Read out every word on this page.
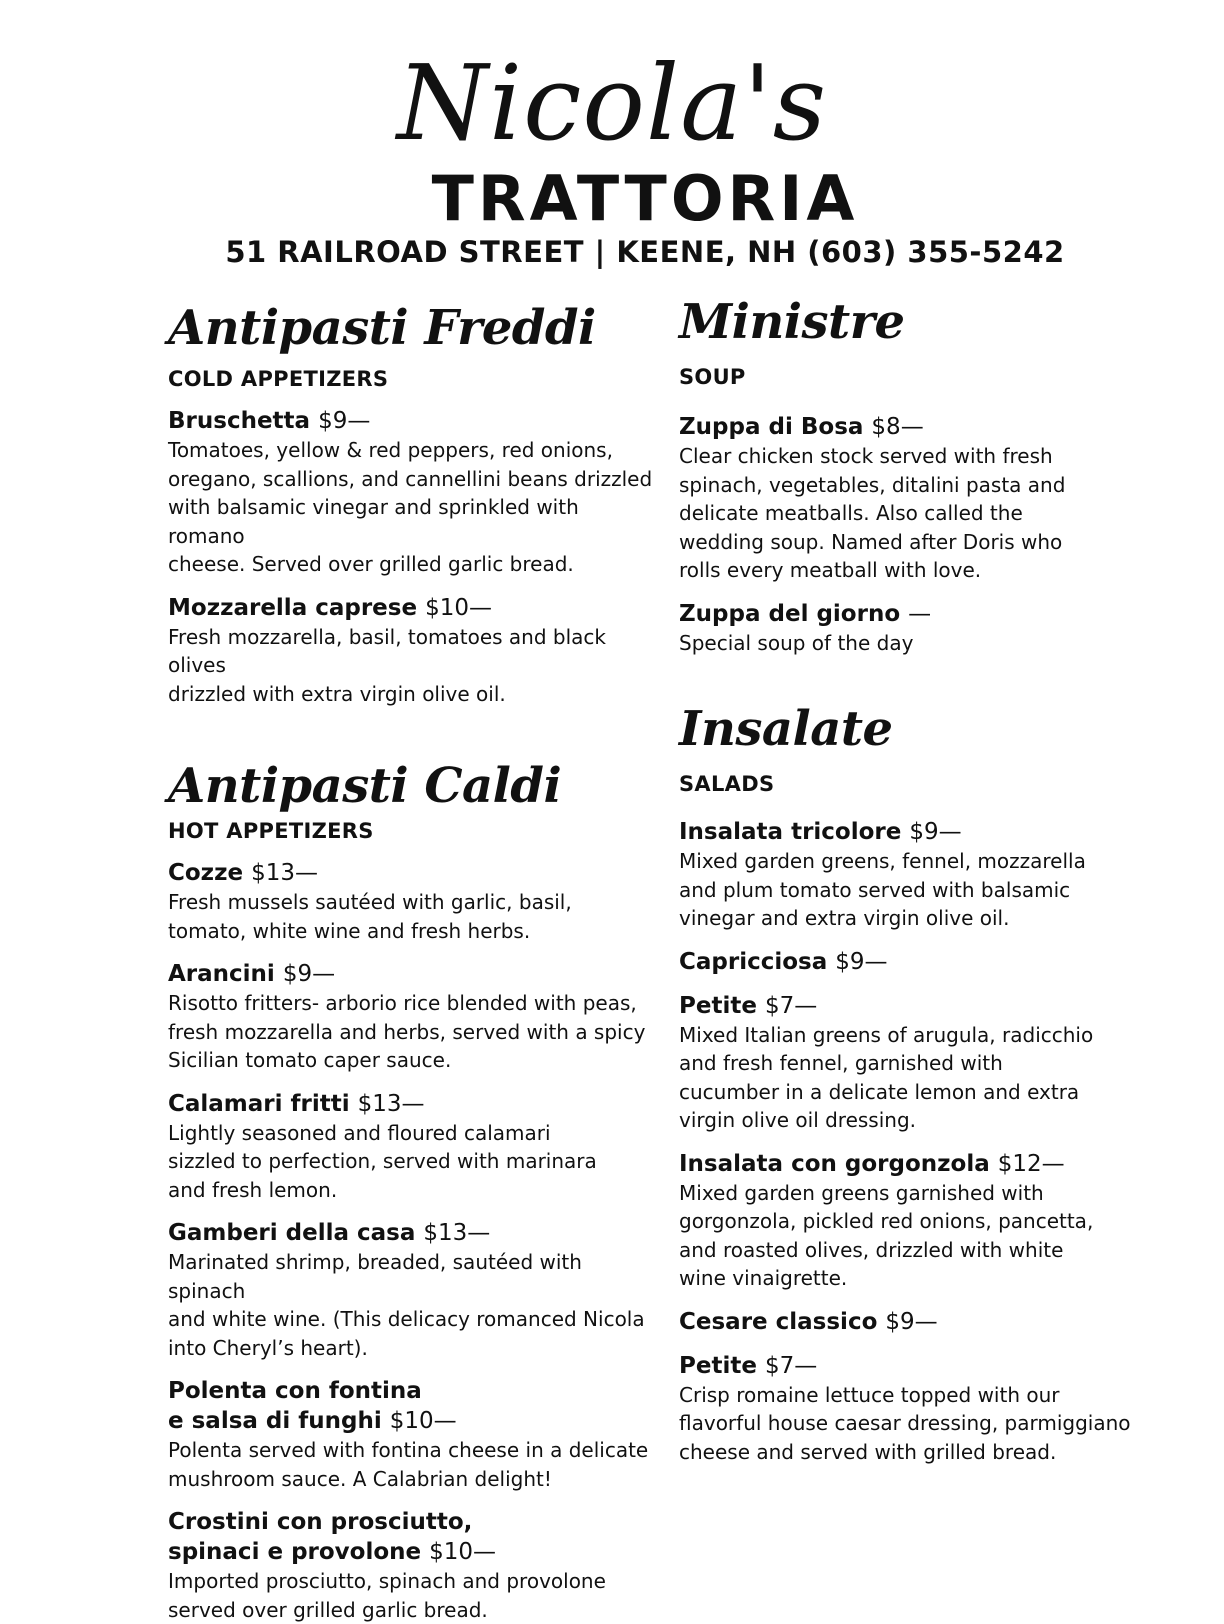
Nicola's
TRATTORIA
51 RAILROAD STREET | KEENE, NH (603) 355-5242
Antipasti Freddi
COLD APPETIZERS
Bruschetta $9—

Tomatoes, yellow & red peppers, red onions,
oregano, scallions, and cannellini beans drizzled
with balsamic vinegar and sprinkled with romano
cheese. Served over grilled garlic bread.

Mozzarella caprese $10—

Fresh mozzarella, basil, tomatoes and black olives
drizzled with extra virgin olive oil.

Antipasti Caldi
HOT APPETIZERS
Cozze $13—

Fresh mussels sautéed with garlic, basil,
tomato, white wine and fresh herbs.

Arancini $9—

Risotto fritters- arborio rice blended with peas,
fresh mozzarella and herbs, served with a spicy
Sicilian tomato caper sauce.

Calamari fritti $13—

Lightly seasoned and floured calamari
sizzled to perfection, served with marinara
and fresh lemon.

Gamberi della casa $13—

Marinated shrimp, breaded, sautéed with spinach
and white wine. (This delicacy romanced Nicola
into Cheryl’s heart).

Polenta con fontina
e salsa di funghi $10—

Polenta served with fontina cheese in a delicate
mushroom sauce. A Calabrian delight!

Crostini con prosciutto,
spinaci e provolone $10—

Imported prosciutto, spinach and provolone
served over grilled garlic bread.

Ministre
SOUP
Zuppa di Bosa $8—

Clear chicken stock served with fresh
spinach, vegetables, ditalini pasta and
delicate meatballs. Also called the
wedding soup. Named after Doris who
rolls every meatball with love.

Zuppa del giorno —

Special soup of the day

Insalate
SALADS
Insalata tricolore $9—

Mixed garden greens, fennel, mozzarella
and plum tomato served with balsamic
vinegar and extra virgin olive oil.

Capricciosa $9—
Petite $7—

Mixed Italian greens of arugula, radicchio
and fresh fennel, garnished with
cucumber in a delicate lemon and extra
virgin olive oil dressing.

Insalata con gorgonzola $12—

Mixed garden greens garnished with
gorgonzola, pickled red onions, pancetta,
and roasted olives, drizzled with white
wine vinaigrette.

Cesare classico $9—
Petite $7—

Crisp romaine lettuce topped with our
flavorful house caesar dressing, parmiggiano
cheese and served with grilled bread.
